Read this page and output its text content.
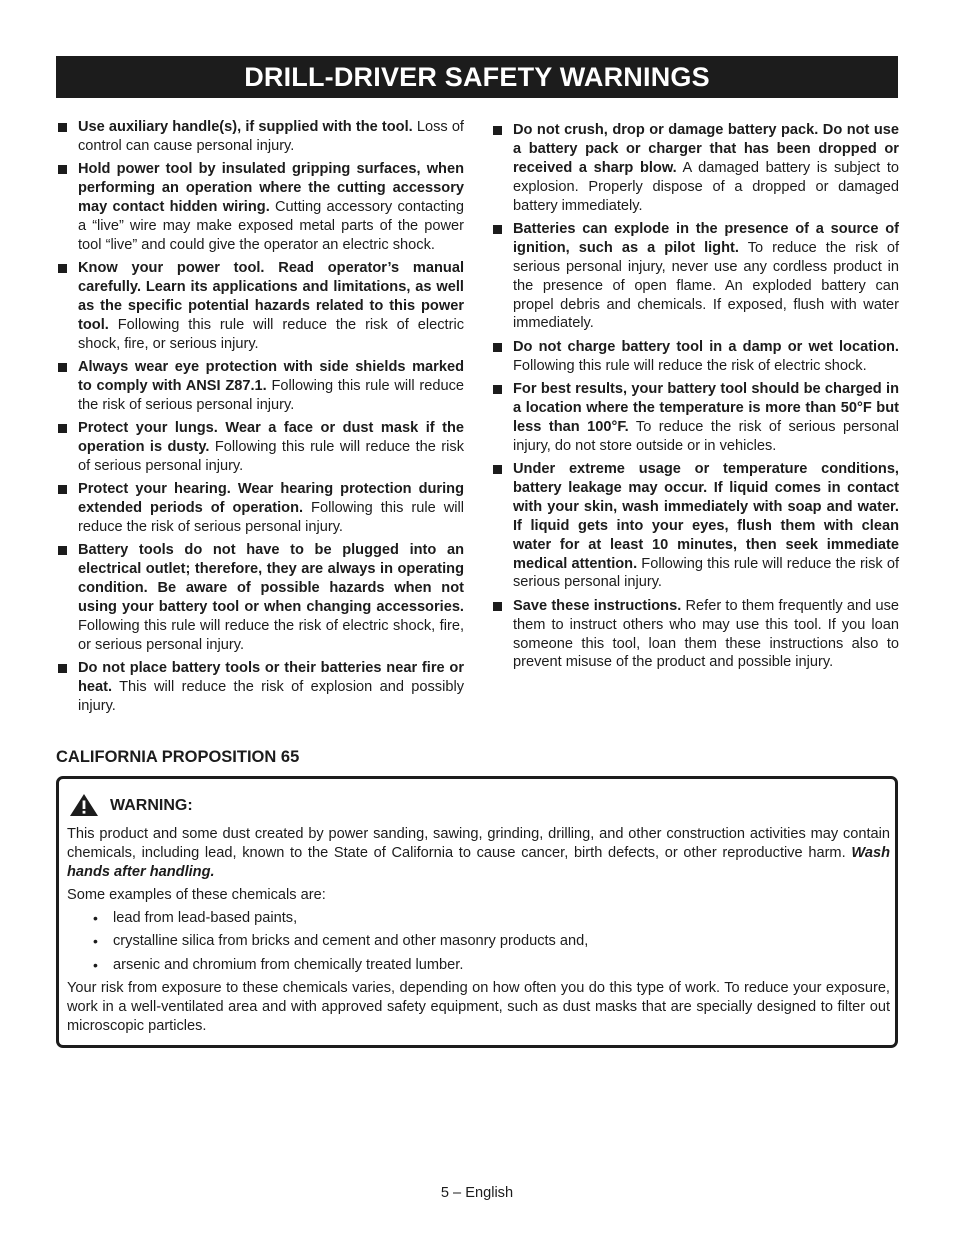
DRILL-DRIVER SAFETY WARNINGS
Use auxiliary handle(s), if supplied with the tool. Loss of control can cause personal injury.
Hold power tool by insulated gripping surfaces, when performing an operation where the cutting accessory may contact hidden wiring. Cutting accessory contacting a “live” wire may make exposed metal parts of the power tool “live” and could give the operator an electric shock.
Know your power tool. Read operator’s manual carefully. Learn its applications and limitations, as well as the specific potential hazards related to this power tool. Following this rule will reduce the risk of electric shock, fire, or serious injury.
Always wear eye protection with side shields marked to comply with ANSI Z87.1. Following this rule will reduce the risk of serious personal injury.
Protect your lungs. Wear a face or dust mask if the operation is dusty. Following this rule will reduce the risk of serious personal injury.
Protect your hearing. Wear hearing protection during extended periods of operation. Following this rule will reduce the risk of serious personal injury.
Battery tools do not have to be plugged into an electrical outlet; therefore, they are always in operating condition. Be aware of possible hazards when not using your battery tool or when changing accessories. Following this rule will reduce the risk of electric shock, fire, or serious personal injury.
Do not place battery tools or their batteries near fire or heat. This will reduce the risk of explosion and possibly injury.
Do not crush, drop or damage battery pack. Do not use a battery pack or charger that has been dropped or received a sharp blow. A damaged battery is subject to explosion. Properly dispose of a dropped or damaged battery immediately.
Batteries can explode in the presence of a source of ignition, such as a pilot light. To reduce the risk of serious personal injury, never use any cordless product in the presence of open flame. An exploded battery can propel debris and chemicals. If exposed, flush with water immediately.
Do not charge battery tool in a damp or wet location. Following this rule will reduce the risk of electric shock.
For best results, your battery tool should be charged in a location where the temperature is more than 50°F but less than 100°F. To reduce the risk of serious personal injury, do not store outside or in vehicles.
Under extreme usage or temperature conditions, battery leakage may occur. If liquid comes in contact with your skin, wash immediately with soap and water. If liquid gets into your eyes, flush them with clean water for at least 10 minutes, then seek immediate medical attention. Following this rule will reduce the risk of serious personal injury.
Save these instructions. Refer to them frequently and use them to instruct others who may use this tool. If you loan someone this tool, loan them these instructions also to prevent misuse of the product and possible injury.
CALIFORNIA PROPOSITION 65
WARNING:

This product and some dust created by power sanding, sawing, grinding, drilling, and other construction activities may contain chemicals, including lead, known to the State of California to cause cancer, birth defects, or other reproductive harm. Wash hands after handling.

Some examples of these chemicals are:

• lead from lead-based paints,
• crystalline silica from bricks and cement and other masonry products and,
• arsenic and chromium from chemically treated lumber.

Your risk from exposure to these chemicals varies, depending on how often you do this type of work. To reduce your exposure, work in a well-ventilated area and with approved safety equipment, such as dust masks that are specially designed to filter out microscopic particles.

5 – English
